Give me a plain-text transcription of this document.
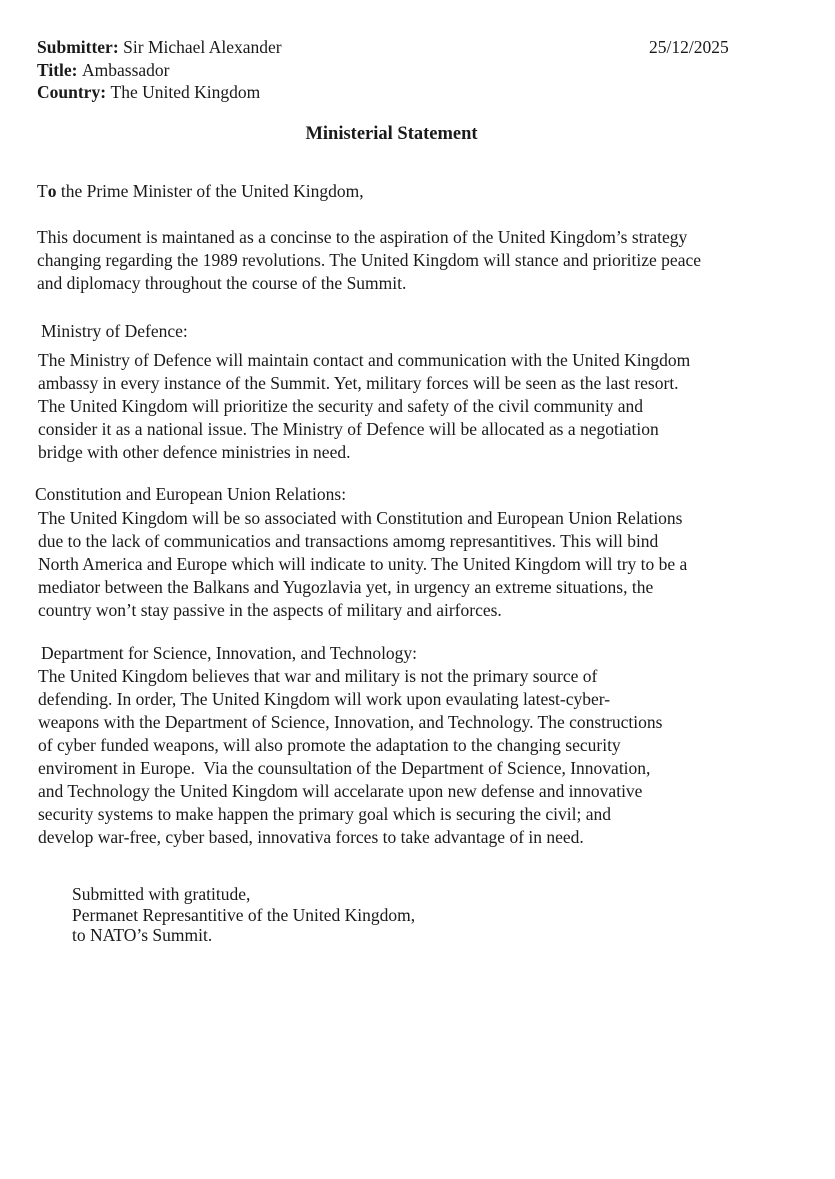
Submitter: Sir Michael Alexander
Title: Ambassador
Country: The United Kingdom
25/12/2025
Ministerial Statement
To the Prime Minister of the United Kingdom,
This document is maintaned as a concinse to the aspiration of the United Kingdom’s strategy
changing regarding the 1989 revolutions. The United Kingdom will stance and prioritize peace
and diplomacy throughout the course of the Summit.
Ministry of Defence:
The Ministry of Defence will maintain contact and communication with the United Kingdom
ambassy in every instance of the Summit. Yet, military forces will be seen as the last resort.
The United Kingdom will prioritize the security and safety of the civil community and
consider it as a national issue. The Ministry of Defence will be allocated as a negotiation
bridge with other defence ministries in need.
Constitution and European Union Relations:
The United Kingdom will be so associated with Constitution and European Union Relations
due to the lack of communicatios and transactions amomg represantitives. This will bind
North America and Europe which will indicate to unity. The United Kingdom will try to be a
mediator between the Balkans and Yugozlavia yet, in urgency an extreme situations, the
country won’t stay passive in the aspects of military and airforces.
Department for Science, Innovation, and Technology:
The United Kingdom believes that war and military is not the primary source of
defending. In order, The United Kingdom will work upon evaulating latest-cyber-
weapons with the Department of Science, Innovation, and Technology. The constructions
of cyber funded weapons, will also promote the adaptation to the changing security
enviroment in Europe.  Via the counsultation of the Department of Science, Innovation,
and Technology the United Kingdom will accelarate upon new defense and innovative
security systems to make happen the primary goal which is securing the civil; and
develop war-free, cyber based, innovativa forces to take advantage of in need.
Submitted with gratitude,
Permanet Represantitive of the United Kingdom,
to NATO’s Summit.
